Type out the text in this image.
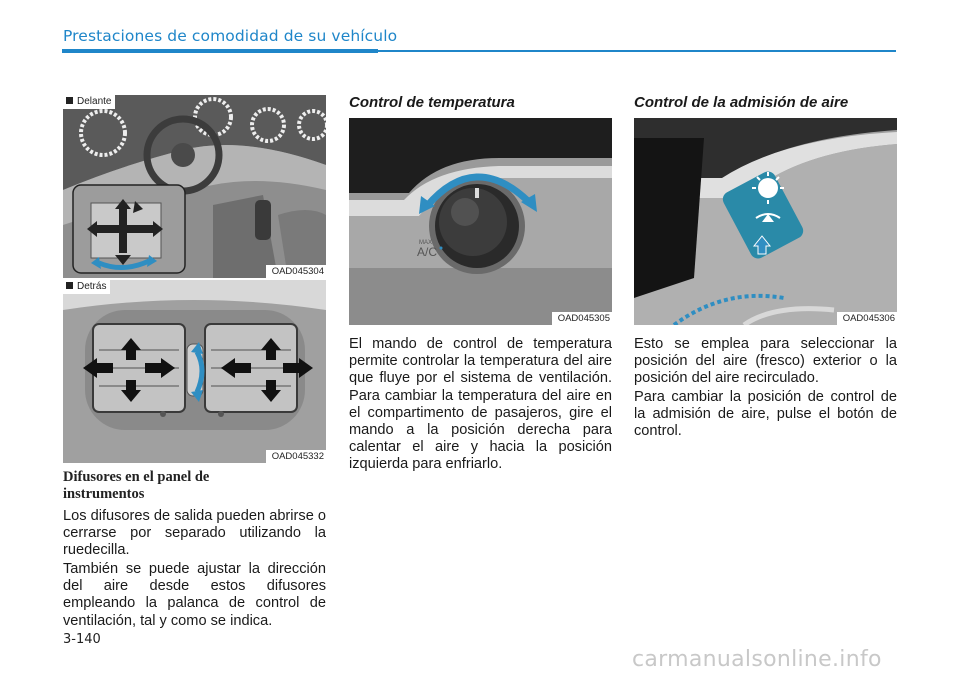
Prestaciones de comodidad de su vehículo
Delante
OAD045304
Detrás
OAD045332
Difusores en el panel de instrumentos

Los difusores de salida pueden abrirse o cerrarse por separado utilizando la ruedecilla.

También se puede ajustar la dirección del aire desde estos difusores empleando la palanca de control de ventilación, tal y como se indica.

Control de temperatura
MAX
A/C
OAD045305

El mando de control de temperatura permite controlar la temperatura del aire que fluye por el sistema de ventilación. Para cambiar la temperatura del aire en el compartimento de pasajeros, gire el mando a la posición derecha para calentar el aire y hacia la posición izquierda para enfriarlo.

Control de la admisión de aire
OAD045306

Esto se emplea para seleccionar la posición del aire (fresco) exterior o la posición del aire recirculado.

Para cambiar la posición de control de la admisión de aire, pulse el botón de control.

3-140
carmanualsonline.info
